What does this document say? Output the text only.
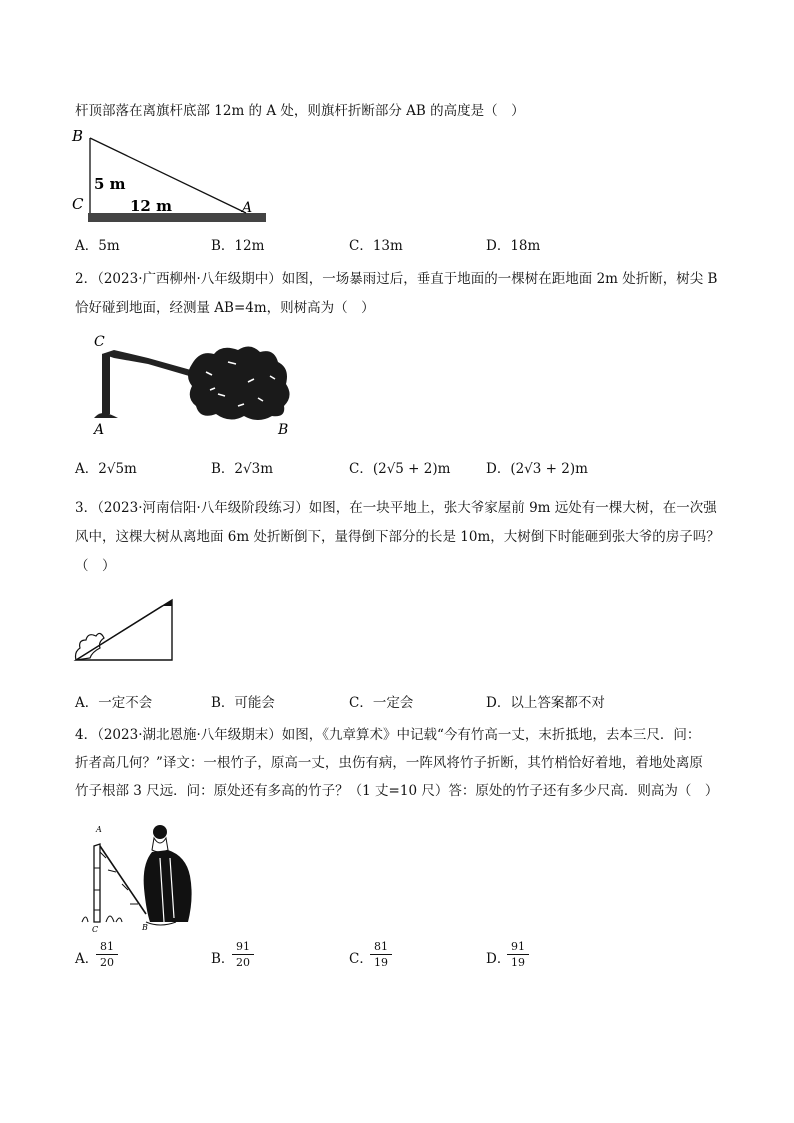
杆顶部落在离旗杆底部 12m 的 A 处，则旗杆折断部分 AB 的高度是（　）
B
C	A
5 m
12 m
A．5m	B．12m	C．13m	D．18m
2．（2023·广西柳州·八年级期中）如图，一场暴雨过后，垂直于地面的一棵树在距地面 2m 处折断，树尖 B
恰好碰到地面，经测量 AB=4m，则树高为（　）
C
A	B
A．2√5m	B．2√3m	C．(2√5 + 2)m	D．(2√3 + 2)m
3．（2023·河南信阳·八年级阶段练习）如图，在一块平地上，张大爷家屋前 9m 远处有一棵大树，在一次强
风中，这棵大树从离地面 6m 处折断倒下，量得倒下部分的长是 10m，大树倒下时能砸到张大爷的房子吗？
（　）
A．一定不会	B．可能会	C．一定会	D．以上答案都不对
4．（2023·湖北恩施·八年级期末）如图，《九章算术》中记载“今有竹高一丈，末折抵地，去本三尺．问：
折者高几何？”译文：一根竹子，原高一丈，虫伤有病，一阵风将竹子折断，其竹梢恰好着地，着地处离原
竹子根部 3 尺远．问：原处还有多高的竹子？（1 丈=10 尺）答：原处的竹子还有多少尺高．则高为（　）
A
C	B
A．
81
20	B．
91
20	C．
81
19	D．
91
19
